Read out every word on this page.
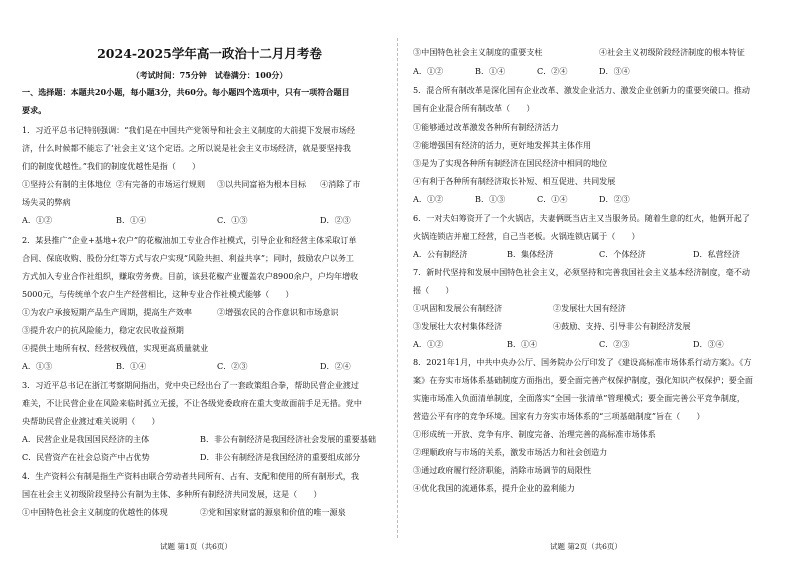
2024-2025学年高一政治十二月月考卷
（考试时间：75分钟　试卷满分：100分）
一、选择题：本题共20小题，每小题3分，共60分。每小题四个选项中，只有一项符合题目
要求。
1．习近平总书记特别强调：“我们是在中国共产党领导和社会主义制度的大前提下发展市场经
济，什么时候都不能忘了‘社会主义’这个定语。之所以说是社会主义市场经济，就是要坚持我
们的制度优越性。”我们的制度优越性是指（　　）
①坚持公有制的主体地位 ②有完备的市场运行规则 ③以共同富裕为根本目标 ④消除了市
场失灵的弊病
A．①②	B．①④	C．①③	D．②③
2．某县推广“企业+基地+农户”的花椒油加工专业合作社模式，引导企业和经营主体采取订单
合同、保底收购、股份分红等方式与农户实现“风险共担、利益共享”；同时，鼓励农户以务工
方式加入专业合作社组织，赚取劳务费。目前，该县花椒产业覆盖农户8900余户，户均年增收
5000元，与传统单个农户生产经营相比，这种专业合作社模式能够（　　）
①为农户承接短期产品生产周期，提高生产效率	②增强农民的合作意识和市场意识
③提升农户的抗风险能力，稳定农民收益预期
④提供土地所有权、经营权残值，实现更高质量就业
A．①③	B．①④	C．②③	D．②④
3．习近平总书记在浙江考察期间指出，党中央已经出台了一套政策组合拳，帮助民营企业渡过
难关，不让民营企业在风险来临时孤立无援，不让各级党委政府在重大变故面前手足无措。党中
央帮助民营企业渡过难关说明（　　）
A．民营企业是我国国民经济的主体	B．非公有制经济是我国经济社会发展的重要基础
C．民营资产在社会总资产中占优势	D．非公有制经济是我国经济的重要组成部分
4．生产资料公有制是指生产资料由联合劳动者共同所有、占有、支配和使用的所有制形式，我
国在社会主义初级阶段坚持公有制为主体、多种所有制经济共同发展，这是（　　）
①中国特色社会主义制度的优越性的体现	②党和国家财富的源泉和价值的唯一源泉
③中国特色社会主义制度的重要支柱	④社会主义初级阶段经济制度的根本特征
A．①②	B．①④	C．②④	D．③④
5．混合所有制改革是深化国有企业改革、激发企业活力、激发企业创新力的重要突破口。推动
国有企业混合所有制改革（　　）
①能够通过改革激发各种所有制经济活力
②能增强国有经济的活力，更好地发挥其主体作用
③是为了实现各种所有制经济在国民经济中相同的地位
④有利于各种所有制经济取长补短、相互促进、共同发展
A．①②	B．①③	C．①④	D．②③
6．一对夫妇筹资开了一个火锅店，夫妻俩既当店主又当服务员。随着生意的红火，他俩开起了
火锅连锁店并雇工经营，自己当老板。火锅连锁店属于（　　）
A．公有制经济	B．集体经济	C．个体经济	D．私营经济
7．新时代坚持和发展中国特色社会主义，必须坚持和完善我国社会主义基本经济制度，毫不动
摇（　　）
①巩固和发展公有制经济	②发展壮大国有经济
③发展壮大农村集体经济	④鼓励、支持、引导非公有制经济发展
A．①②	B．①④	C．②③	D．③④
8．2021年1月，中共中央办公厅、国务院办公厅印发了《建设高标准市场体系行动方案》。《方
案》在夯实市场体系基础制度方面指出，要全面完善产权保护制度，强化知识产权保护；要全面
实施市场准入负面清单制度，全面落实“全国一张清单”管理模式；要全面完善公平竞争制度，
营造公平有序的竞争环境。国家有力夯实市场体系的“三项基础制度”旨在（　　）
①形成统一开放、竞争有序、制度完备、治理完善的高标准市场体系
②理顺政府与市场的关系，激发市场活力和社会创造力
③通过政府履行经济职能，消除市场调节的局限性
④优化我国的流通体系，提升企业的盈利能力
试题 第1页（共6页）	试题 第2页（共6页）
